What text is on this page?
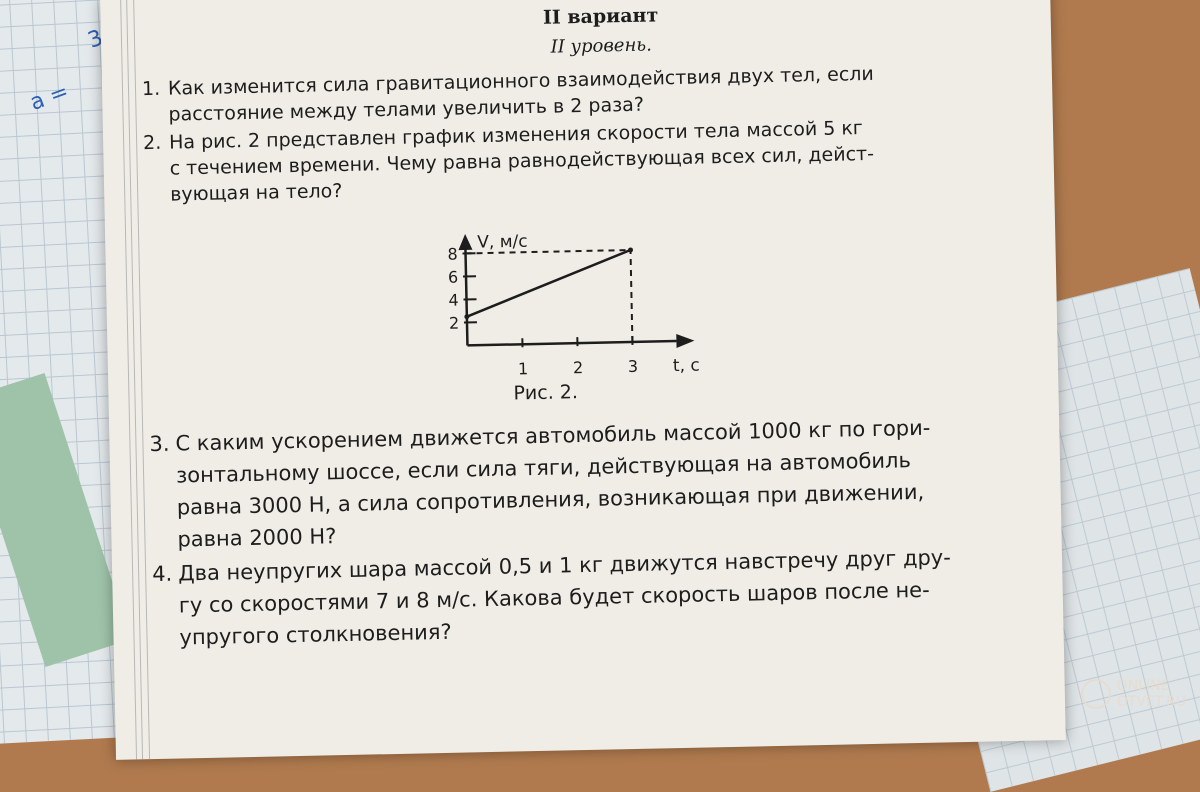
a =

II вариант

II уровень.

1. Как изменится сила гравитационного взаимодействия двух тел, если
расстояние между телами увеличить в 2 раза?
2. На рис. 2 представлен график изменения скорости тела массой 5 кг
с течением времени. Чему равна равнодействующая всех сил, дейст-
вующая на тело?
V, м/с
t, с
2
4
6
8
1	2	3
Рис. 2.
3. С каким ускорением движется автомобиль массой 1000 кг по гори-
зонтальному шоссе, если сила тяги, действующая на автомобиль
равна 3000 Н, а сила сопротивления, возникающая при движении,
равна 2000 Н?
4. Два неупругих шара массой 0,5 и 1 кг движутся навстречу друг дру-
гу со скоростями 7 и 8 м/с. Какова будет скорость шаров после не-
упругого столкновения?
ONLINE
OTVET.RU
